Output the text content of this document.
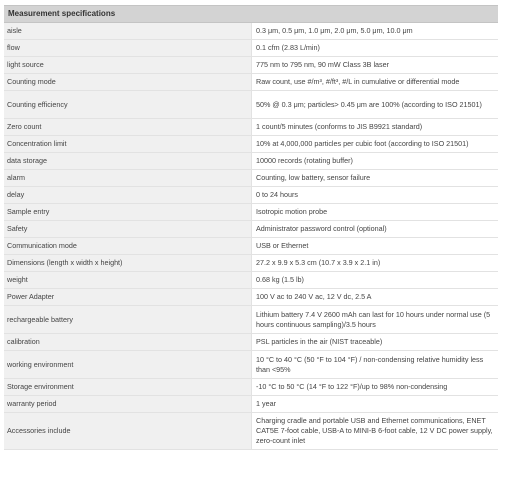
Measurement specifications	
aisle	0.3 μm, 0.5 μm, 1.0 μm, 2.0 μm, 5.0 μm, 10.0 μm
flow	0.1 cfm (2.83 L/min)
light source	775 nm to 795 nm, 90 mW Class 3B laser
Counting mode	Raw count, use #/m³, #/ft³, #/L in cumulative or differential mode
Counting efficiency	50% @ 0.3 μm; particles> 0.45 μm are 100% (according to ISO 21501)
Zero count	1 count/5 minutes (conforms to JIS B9921 standard)
Concentration limit	10% at 4,000,000 particles per cubic foot (according to ISO 21501)
data storage	10000 records (rotating buffer)
alarm	Counting, low battery, sensor failure
delay	0 to 24 hours
Sample entry	Isotropic motion probe
Safety	Administrator password control (optional)
Communication mode	USB or Ethernet
Dimensions (length x width x height)	27.2 x 9.9 x 5.3 cm (10.7 x 3.9 x 2.1 in)
weight	0.68 kg (1.5 lb)
Power Adapter	100 V ac to 240 V ac, 12 V dc, 2.5 A
rechargeable battery	Lithium battery 7.4 V 2600 mAh can last for 10 hours under normal use (5 hours continuous sampling)/3.5 hours
calibration	PSL particles in the air (NIST traceable)
working environment	10 °C to 40 °C (50 °F to 104 °F) / non-condensing relative humidity less than <95%
Storage environment	-10 °C to 50 °C (14 °F to 122 °F)/up to 98% non-condensing
warranty period	1 year
Accessories include	Charging cradle and portable USB and Ethernet communications, ENET CAT5E 7-foot cable, USB-A to MINI-B 6-foot cable, 12 V DC power supply, zero-count inlet
